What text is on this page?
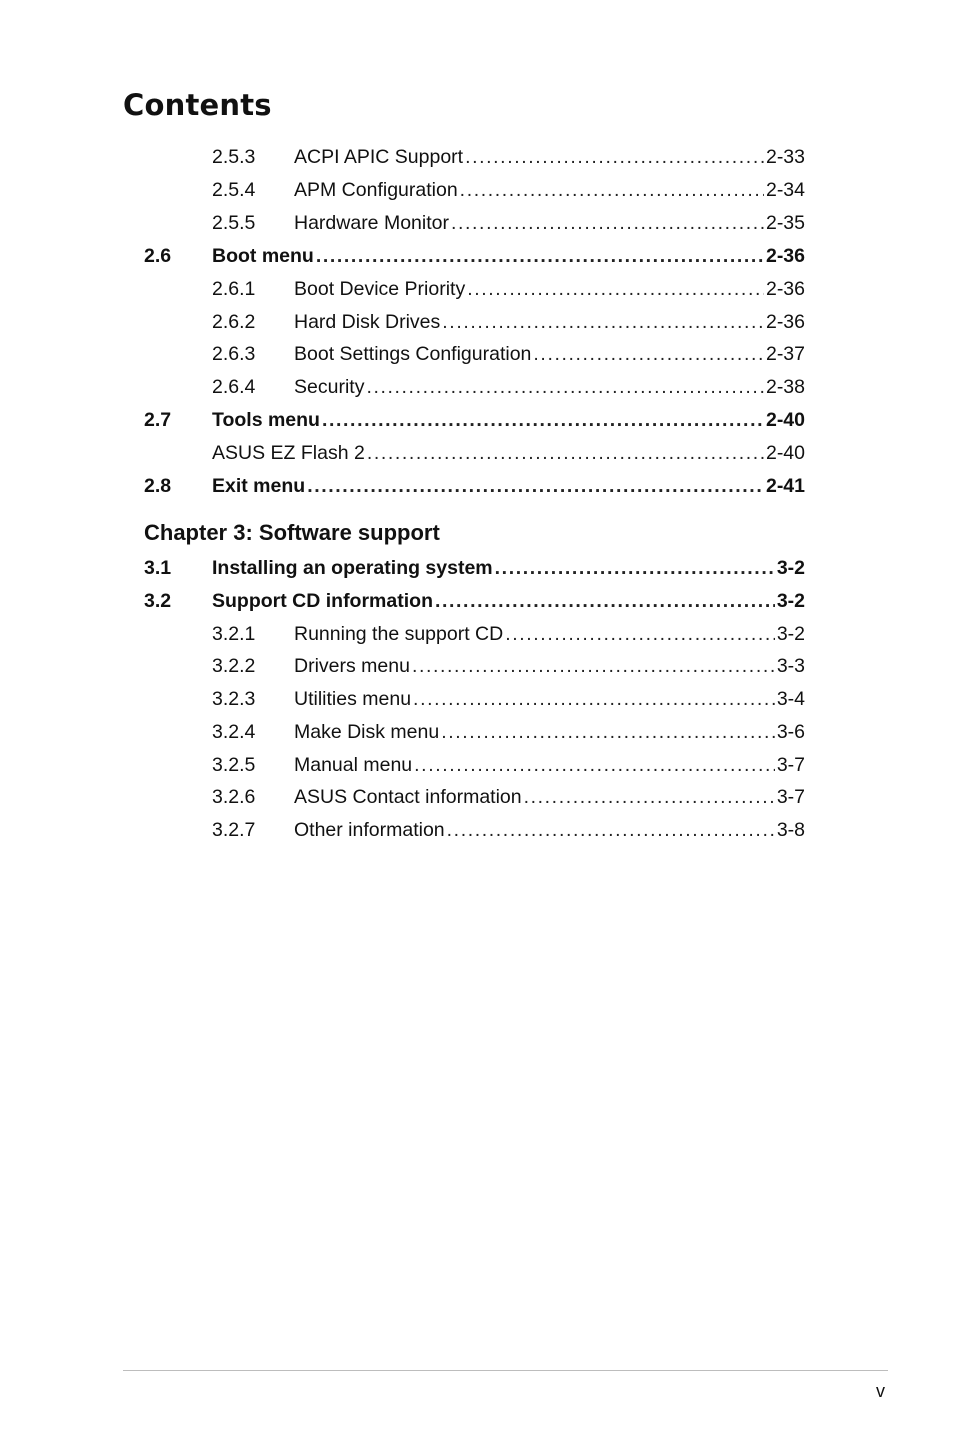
Contents
2.5.3 ACPI APIC Support .....	2-33
2.5.4 APM Configuration .....	2-34
2.5.5 Hardware Monitor .....	2-35
2.6 Boot menu .....	2-36
2.6.1 Boot Device Priority .....	2-36
2.6.2 Hard Disk Drives .....	2-36
2.6.3 Boot Settings Configuration .....	2-37
2.6.4 Security .....	2-38
2.7 Tools menu .....	2-40
ASUS EZ Flash 2 .....	2-40
2.8 Exit menu .....	2-41
3.1 Installing an operating system .....	3-2
3.2 Support CD information .....	3-2
3.2.1 Running the support CD .....	3-2
3.2.2 Drivers menu .....	3-3
3.2.3 Utilities menu .....	3-4
3.2.4 Make Disk menu .....	3-6
3.2.5 Manual menu .....	3-7
3.2.6 ASUS Contact information .....	3-7
3.2.7 Other information .....	3-8
Chapter 3: Software support
v
